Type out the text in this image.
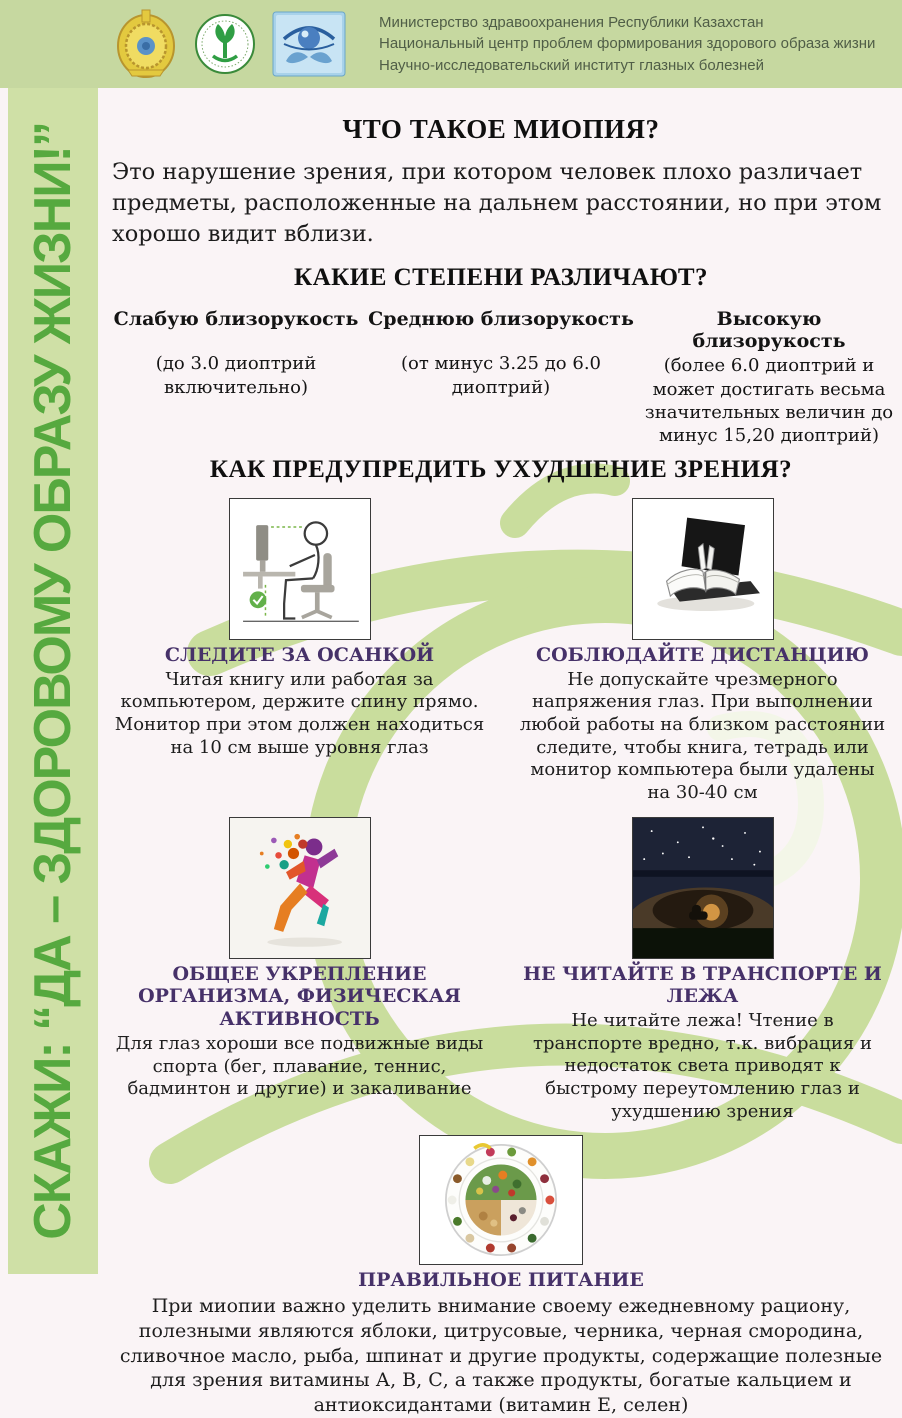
Министерство здравоохранения Республики Казахстан
Национальный центр проблем формирования здорового образа жизни
Научно-исследовательский институт глазных болезней
СКАЖИ: “ДА – ЗДОРОВОМУ ОБРАЗУ ЖИЗНИ!”	ЧТО ТАКОЕ МИОПИЯ?

Это нарушение зрения, при котором человек плохо различает предметы, расположенные на дальнем расстоянии, но при этом хорошо видит вблизи.

КАКИЕ СТЕПЕНИ РАЗЛИЧАЮТ?
Слабую близорукость
(до 3.0 диоптрий включительно)
Среднюю близорукость
(от минус 3.25 до 6.0 диоптрий)
Высокую близорукость
(более 6.0 диоптрий и может достигать весьма значительных величин до минус 15,20 диоптрий)
КАК ПРЕДУПРЕДИТЬ УХУДШЕНИЕ ЗРЕНИЯ?
СЛЕДИТЕ ЗА ОСАНКОЙ
Читая книгу или работая за компьютером, держите спину прямо. Монитор при этом должен находиться на 10 см выше уровня глаз
СОБЛЮДАЙТЕ ДИСТАНЦИЮ
Не допускайте чрезмерного напряжения глаз. При выполнении любой работы на близком расстоянии следите, чтобы книга, тетрадь или монитор компьютера были удалены на 30-40 см
ОБЩЕЕ УКРЕПЛЕНИЕ ОРГАНИЗМА, ФИЗИЧЕСКАЯ АКТИВНОСТЬ
Для глаз хороши все подвижные виды спорта (бег, плавание, теннис, бадминтон и другие) и закаливание
НЕ ЧИТАЙТЕ В ТРАНСПОРТЕ И ЛЕЖА
Не читайте лежа! Чтение в транспорте вредно, т.к. вибрация и недостаток света приводят к быстрому переутомлению глаз и ухудшению зрения
ПРАВИЛЬНОЕ ПИТАНИЕ
При миопии важно уделить внимание своему ежедневному рациону, полезными являются яблоки, цитрусовые, черника, черная смородина, сливочное масло, рыба, шпинат и другие продукты, содержащие полезные для зрения витамины А, В, С, а также продукты, богатые кальцием и антиоксидантами (витамин Е, селен)
